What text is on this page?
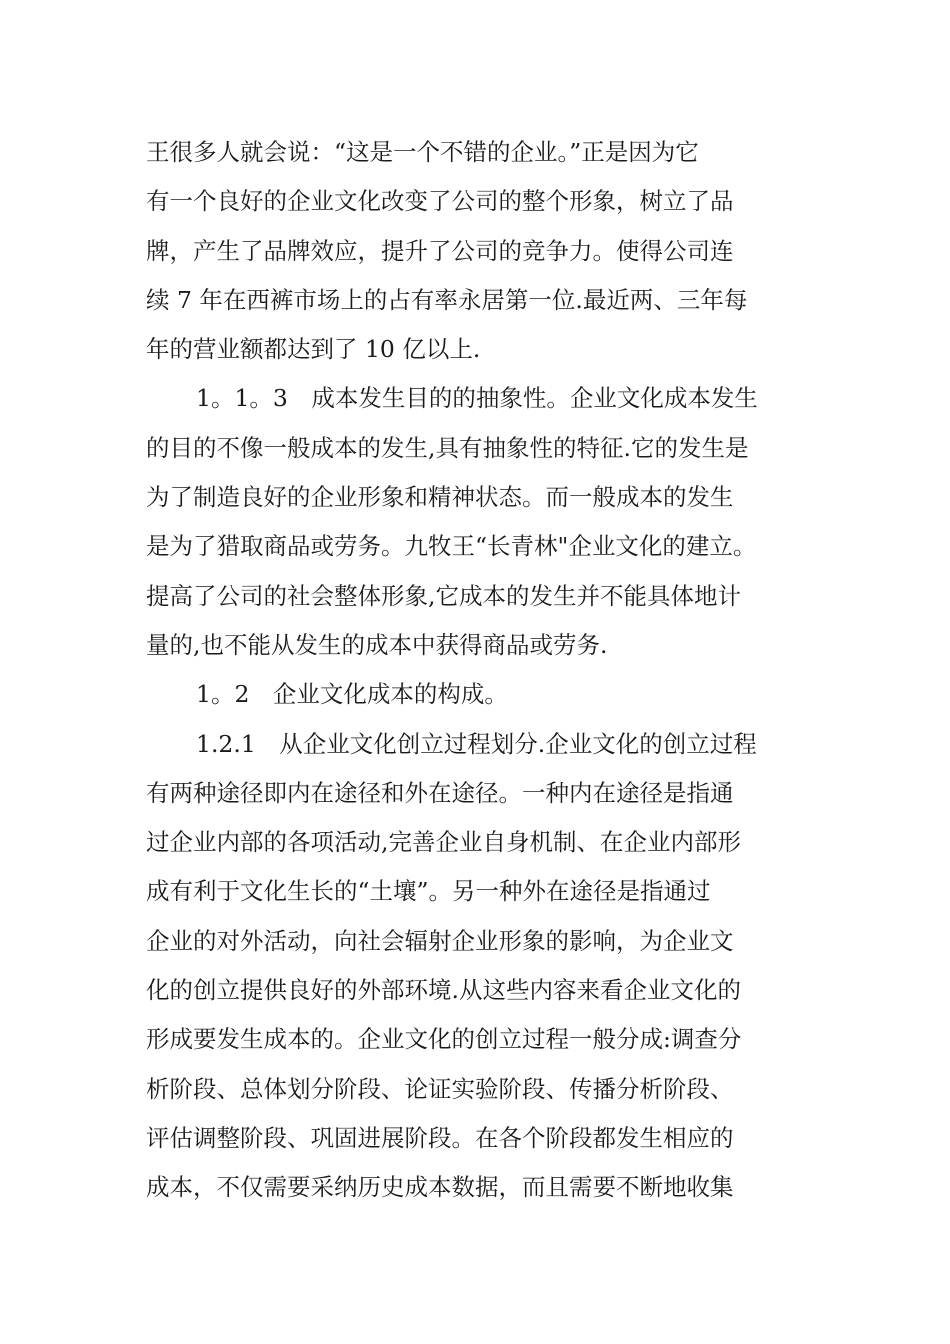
王很多人就会说：“这是一个不错的企业。”正是因为它
有一个良好的企业文化改变了公司的整个形象，树立了品
牌，产生了品牌效应，提升了公司的竞争力。使得公司连
续 7 年在西裤市场上的占有率永居第一位.最近两、三年每
年的营业额都达到了 10 亿以上.
1。1。3　成本发生目的的抽象性。企业文化成本发生
的目的不像一般成本的发生,具有抽象性的特征.它的发生是
为了制造良好的企业形象和精神状态。而一般成本的发生
是为了猎取商品或劳务。九牧王“长青林"企业文化的建立。
提高了公司的社会整体形象,它成本的发生并不能具体地计
量的,也不能从发生的成本中获得商品或劳务.
1。2　企业文化成本的构成。
1.2.1　从企业文化创立过程划分.企业文化的创立过程
有两种途径即内在途径和外在途径。一种内在途径是指通
过企业内部的各项活动,完善企业自身机制、在企业内部形
成有利于文化生长的“土壤”。另一种外在途径是指通过
企业的对外活动，向社会辐射企业形象的影响，为企业文
化的创立提供良好的外部环境.从这些内容来看企业文化的
形成要发生成本的。企业文化的创立过程一般分成:调查分
析阶段、总体划分阶段、论证实验阶段、传播分析阶段、
评估调整阶段、巩固进展阶段。在各个阶段都发生相应的
成本，不仅需要采纳历史成本数据，而且需要不断地收集
